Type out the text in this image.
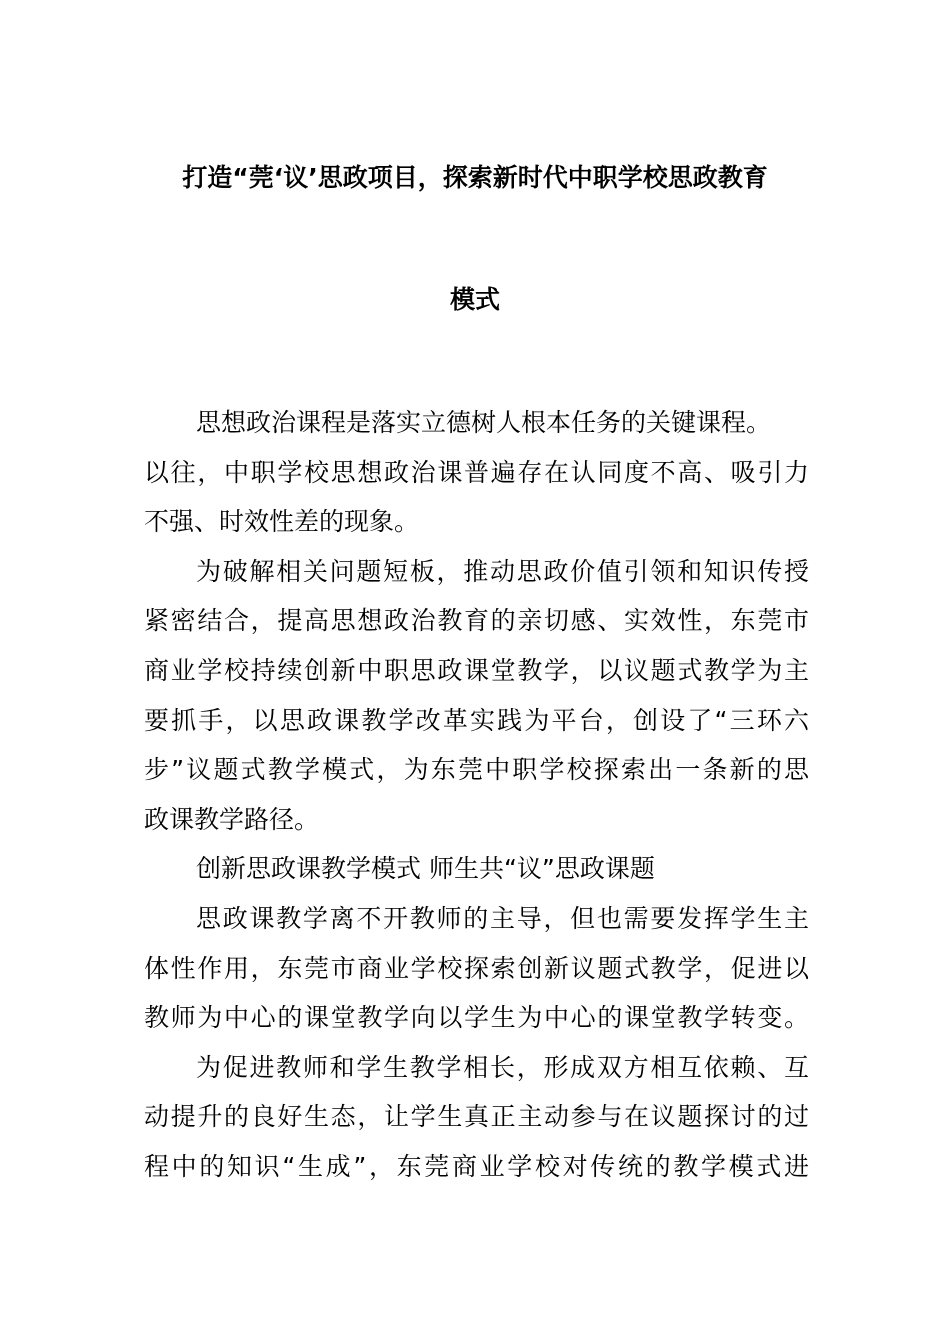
打造“莞‘议’思政项目，探索新时代中职学校思政教育
模式
思想政治课程是落实立德树人根本任务的关键课程。
以往，中职学校思想政治课普遍存在认同度不高、吸引力
不强、时效性差的现象。
为破解相关问题短板，推动思政价值引领和知识传授
紧密结合，提高思想政治教育的亲切感、实效性，东莞市
商业学校持续创新中职思政课堂教学，以议题式教学为主
要抓手，以思政课教学改革实践为平台，创设了“三环六
步”议题式教学模式，为东莞中职学校探索出一条新的思
政课教学路径。
创新思政课教学模式 师生共“议”思政课题
思政课教学离不开教师的主导，但也需要发挥学生主
体性作用，东莞市商业学校探索创新议题式教学，促进以
教师为中心的课堂教学向以学生为中心的课堂教学转变。
为促进教师和学生教学相长，形成双方相互依赖、互
动提升的良好生态，让学生真正主动参与在议题探讨的过
程中的知识“生成”，东莞商业学校对传统的教学模式进
